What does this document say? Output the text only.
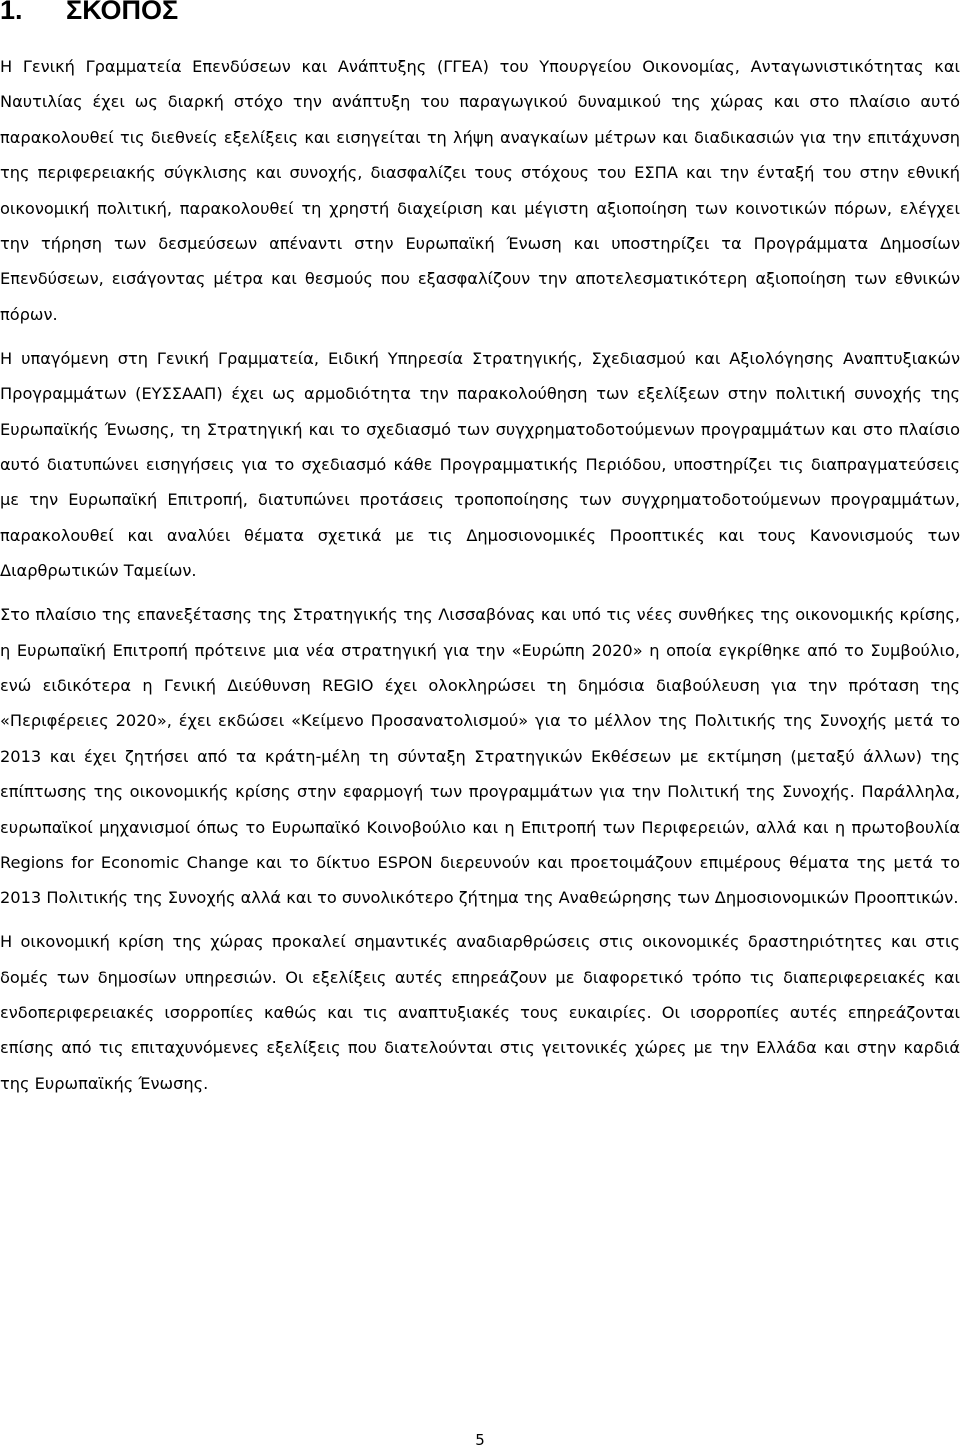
1. ΣΚΟΠΟΣ

Η Γενική Γραμματεία Επενδύσεων και Ανάπτυξης (ΓΓΕΑ) του Υπουργείου Οικονομίας, Ανταγωνιστικότητας και Ναυτιλίας έχει ως διαρκή στόχο την ανάπτυξη του παραγωγικού δυναμικού της χώρας και στο πλαίσιο αυτό παρακολουθεί τις διεθνείς εξελίξεις και εισηγείται τη λήψη αναγκαίων μέτρων και διαδικασιών για την επιτάχυνση της περιφερειακής σύγκλισης και συνοχής, διασφαλίζει τους στόχους του ΕΣΠΑ και την ένταξή του στην εθνική οικονομική πολιτική, παρακολουθεί τη χρηστή διαχείριση και μέγιστη αξιοποίηση των κοινοτικών πόρων, ελέγχει την τήρηση των δεσμεύσεων απέναντι στην Ευρωπαϊκή Ένωση και υποστηρίζει τα Προγράμματα Δημοσίων Επενδύσεων, εισάγοντας μέτρα και θεσμούς που εξασφαλίζουν την αποτελεσματικότερη αξιοποίηση των εθνικών πόρων.

Η υπαγόμενη στη Γενική Γραμματεία, Ειδική Υπηρεσία Στρατηγικής, Σχεδιασμού και Αξιολόγησης Αναπτυξιακών Προγραμμάτων (ΕΥΣΣΑΑΠ) έχει ως αρμοδιότητα την παρακολούθηση των εξελίξεων στην πολιτική συνοχής της Ευρωπαϊκής Ένωσης, τη Στρατηγική και το σχεδιασμό των συγχρηματοδοτούμενων προγραμμάτων και στο πλαίσιο αυτό διατυπώνει εισηγήσεις για το σχεδιασμό κάθε Προγραμματικής Περιόδου, υποστηρίζει τις διαπραγματεύσεις με την Ευρωπαϊκή Επιτροπή, διατυπώνει προτάσεις τροποποίησης των συγχρηματοδοτούμενων προγραμμάτων, παρακολουθεί και αναλύει θέματα σχετικά με τις Δημοσιονομικές Προοπτικές και τους Κανονισμούς των Διαρθρωτικών Ταμείων.

Στο πλαίσιο της επανεξέτασης της Στρατηγικής της Λισσαβόνας και υπό τις νέες συνθήκες της οικονομικής κρίσης, η Ευρωπαϊκή Επιτροπή πρότεινε μια νέα στρατηγική για την «Ευρώπη 2020» η οποία εγκρίθηκε από το Συμβούλιο, ενώ ειδικότερα η Γενική Διεύθυνση REGIO έχει ολοκληρώσει τη δημόσια διαβούλευση για την πρόταση της «Περιφέρειες 2020», έχει εκδώσει «Κείμενο Προσανατολισμού» για το μέλλον της Πολιτικής της Συνοχής μετά το 2013 και έχει ζητήσει από τα κράτη-μέλη τη σύνταξη Στρατηγικών Εκθέσεων με εκτίμηση (μεταξύ άλλων) της επίπτωσης της οικονομικής κρίσης στην εφαρμογή των προγραμμάτων για την Πολιτική της Συνοχής. Παράλληλα, ευρωπαϊκοί μηχανισμοί όπως το Ευρωπαϊκό Κοινοβούλιο και η Επιτροπή των Περιφερειών, αλλά και η πρωτοβουλία Regions for Economic Change και το δίκτυο ESPON διερευνούν και προετοιμάζουν επιμέρους θέματα της μετά το 2013 Πολιτικής της Συνοχής αλλά και το συνολικότερο ζήτημα της Αναθεώρησης των Δημοσιονομικών Προοπτικών.

Η οικονομική κρίση της χώρας προκαλεί σημαντικές αναδιαρθρώσεις στις οικονομικές δραστηριότητες και στις δομές των δημοσίων υπηρεσιών. Οι εξελίξεις αυτές επηρεάζουν με διαφορετικό τρόπο τις διαπεριφερειακές και ενδοπεριφερειακές ισορροπίες καθώς και τις αναπτυξιακές τους ευκαιρίες. Οι ισορροπίες αυτές επηρεάζονται επίσης από τις επιταχυνόμενες εξελίξεις που διατελούνται στις γειτονικές χώρες με την Ελλάδα και στην καρδιά της Ευρωπαϊκής Ένωσης.

5
